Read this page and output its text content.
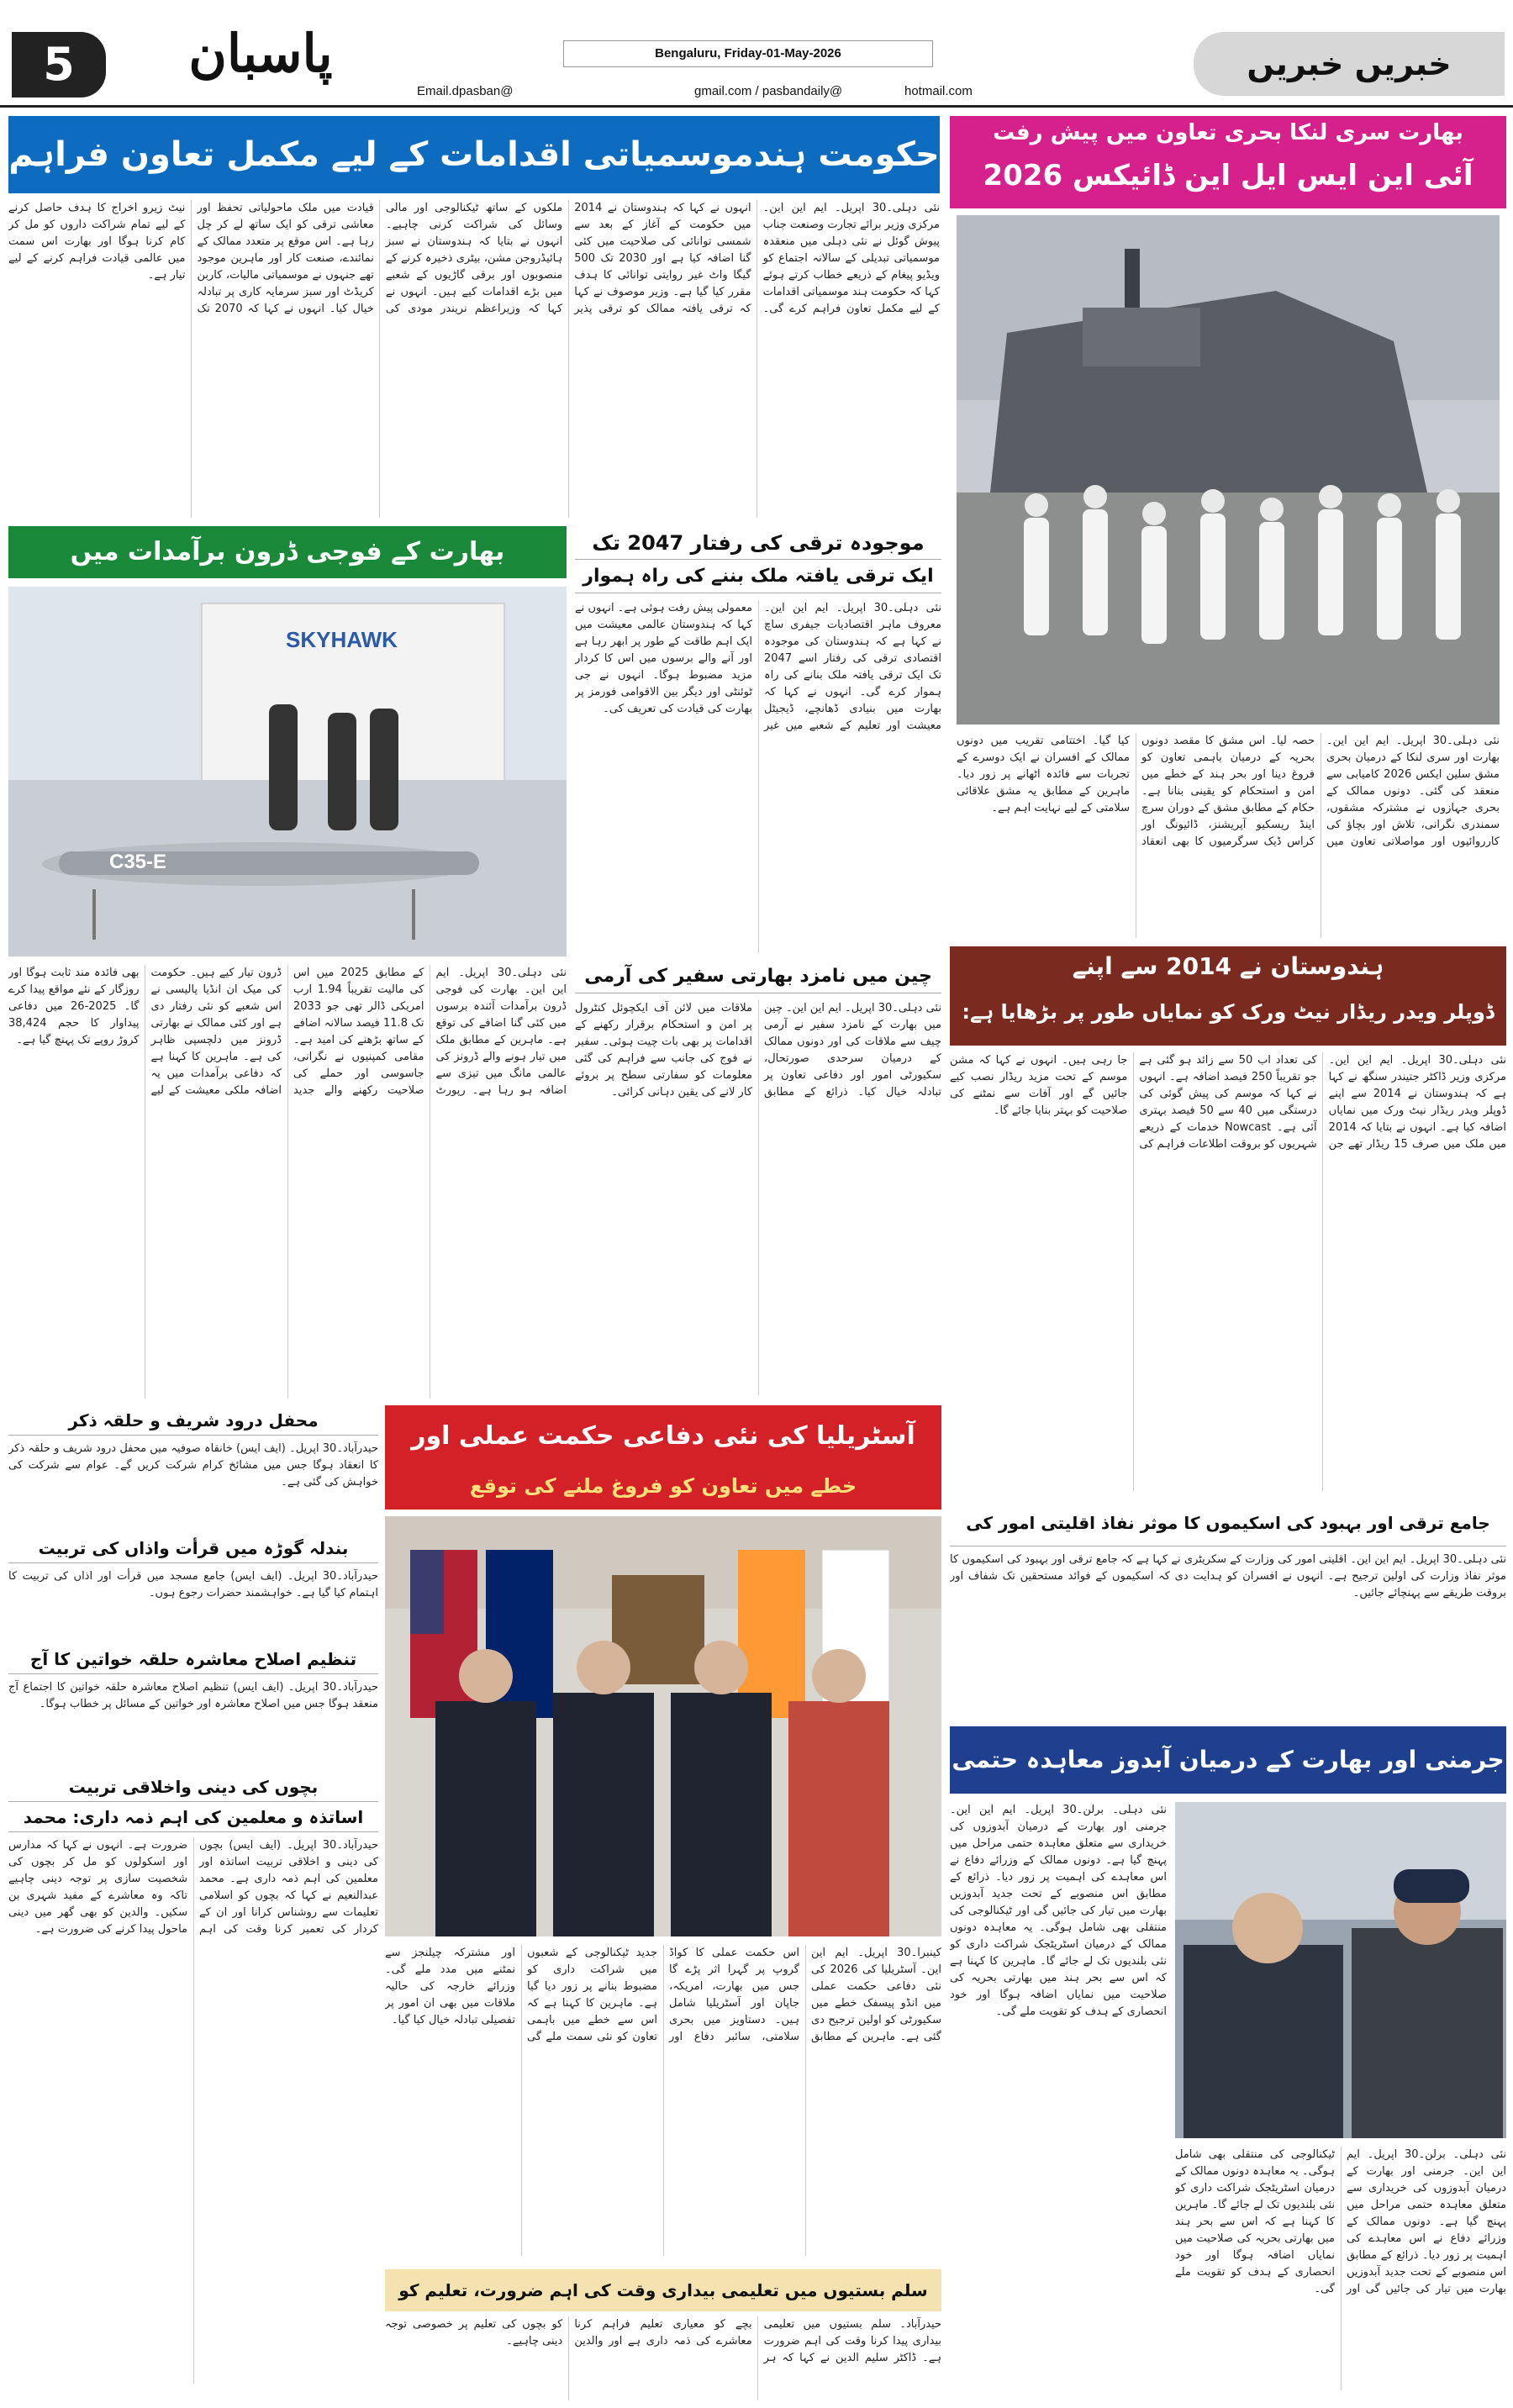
5	پاسبان	Bengaluru, Friday-01-May-2026
Email.dpasban@	gmail.com / pasbandaily@	hotmail.com
خبریں خبریں
حکومت ہندموسمیاتی اقدامات کے لیے مکمل تعاون فراہم
نئی دہلی۔30 اپریل۔ ایم این این۔ مرکزی وزیر برائے تجارت وصنعت جناب پیوش گوئل نے نئی دہلی میں منعقدہ موسمیاتی تبدیلی کے سالانہ اجتماع کو ویڈیو پیغام کے ذریعے خطاب کرتے ہوئے کہا کہ حکومت ہند موسمیاتی اقدامات کے لیے مکمل تعاون فراہم کرے گی۔ انہوں نے کہا کہ ہندوستان نے 2014 میں حکومت کے آغاز کے بعد سے شمسی توانائی کی صلاحیت میں کئی گنا اضافہ کیا ہے اور 2030 تک 500 گیگا واٹ غیر روایتی توانائی کا ہدف مقرر کیا گیا ہے۔ وزیر موصوف نے کہا کہ ترقی یافتہ ممالک کو ترقی پذیر ملکوں کے ساتھ ٹیکنالوجی اور مالی وسائل کی شراکت کرنی چاہیے۔ انہوں نے بتایا کہ ہندوستان نے سبز ہائیڈروجن مشن، بیٹری ذخیرہ کرنے کے منصوبوں اور برقی گاڑیوں کے شعبے میں بڑے اقدامات کیے ہیں۔ انہوں نے کہا کہ وزیراعظم نریندر مودی کی قیادت میں ملک ماحولیاتی تحفظ اور معاشی ترقی کو ایک ساتھ لے کر چل رہا ہے۔ اس موقع پر متعدد ممالک کے نمائندے، صنعت کار اور ماہرین موجود تھے جنہوں نے موسمیاتی مالیات، کاربن کریڈٹ اور سبز سرمایہ کاری پر تبادلہ خیال کیا۔ انہوں نے کہا کہ 2070 تک نیٹ زیرو اخراج کا ہدف حاصل کرنے کے لیے تمام شراکت داروں کو مل کر کام کرنا ہوگا اور بھارت اس سمت میں عالمی قیادت فراہم کرنے کے لیے تیار ہے۔
بھارت سری لنکا بحری تعاون میں پیش رفت
آئی این ایس ایل این ڈائیکس 2026
نئی دہلی۔30 اپریل۔ ایم این این۔ بھارت اور سری لنکا کے درمیان بحری مشق سلین ایکس 2026 کامیابی سے منعقد کی گئی۔ دونوں ممالک کے بحری جہازوں نے مشترکہ مشقوں، سمندری نگرانی، تلاش اور بچاؤ کی کارروائیوں اور مواصلاتی تعاون میں حصہ لیا۔ اس مشق کا مقصد دونوں بحریہ کے درمیان باہمی تعاون کو فروغ دینا اور بحر ہند کے خطے میں امن و استحکام کو یقینی بنانا ہے۔ حکام کے مطابق مشق کے دوران سرچ اینڈ ریسکیو آپریشنز، ڈائیونگ اور کراس ڈیک سرگرمیوں کا بھی انعقاد کیا گیا۔ اختتامی تقریب میں دونوں ممالک کے افسران نے ایک دوسرے کے تجربات سے فائدہ اٹھانے پر زور دیا۔ ماہرین کے مطابق یہ مشق علاقائی سلامتی کے لیے نہایت اہم ہے۔
بھارت کے فوجی ڈرون برآمدات میں
SKYHAWK
C35-E
نئی دہلی۔30 اپریل۔ ایم این این۔ بھارت کی فوجی ڈرون برآمدات آئندہ برسوں میں کئی گنا اضافے کی توقع ہے۔ ماہرین کے مطابق ملک میں تیار ہونے والے ڈرونز کی عالمی مانگ میں تیزی سے اضافہ ہو رہا ہے۔ رپورٹ کے مطابق 2025 میں اس کی مالیت تقریباً 1.94 ارب امریکی ڈالر تھی جو 2033 تک 11.8 فیصد سالانہ اضافے کے ساتھ بڑھنے کی امید ہے۔ مقامی کمپنیوں نے نگرانی، جاسوسی اور حملے کی صلاحیت رکھنے والے جدید ڈرون تیار کیے ہیں۔ حکومت کی میک ان انڈیا پالیسی نے اس شعبے کو نئی رفتار دی ہے اور کئی ممالک نے بھارتی ڈرونز میں دلچسپی ظاہر کی ہے۔ ماہرین کا کہنا ہے کہ دفاعی برآمدات میں یہ اضافہ ملکی معیشت کے لیے بھی فائدہ مند ثابت ہوگا اور روزگار کے نئے مواقع پیدا کرے گا۔ 2025-26 میں دفاعی پیداوار کا حجم 38,424 کروڑ روپے تک پہنچ گیا ہے۔
موجودہ ترقی کی رفتار 2047 تک
ایک ترقی یافتہ ملک بننے کی راہ ہموار
نئی دہلی۔30 اپریل۔ ایم این این۔ معروف ماہر اقتصادیات جیفری ساچ نے کہا ہے کہ ہندوستان کی موجودہ اقتصادی ترقی کی رفتار اسے 2047 تک ایک ترقی یافتہ ملک بنانے کی راہ ہموار کرے گی۔ انہوں نے کہا کہ بھارت میں بنیادی ڈھانچے، ڈیجیٹل معیشت اور تعلیم کے شعبے میں غیر معمولی پیش رفت ہوئی ہے۔ انہوں نے کہا کہ ہندوستان عالمی معیشت میں ایک اہم طاقت کے طور پر ابھر رہا ہے اور آنے والے برسوں میں اس کا کردار مزید مضبوط ہوگا۔ انہوں نے جی ٹوئنٹی اور دیگر بین الاقوامی فورمز پر بھارت کی قیادت کی تعریف کی۔
چین میں نامزد بھارتی سفیر کی آرمی
نئی دہلی۔30 اپریل۔ ایم این این۔ چین میں بھارت کے نامزد سفیر نے آرمی چیف سے ملاقات کی اور دونوں ممالک کے درمیان سرحدی صورتحال، سکیورٹی امور اور دفاعی تعاون پر تبادلہ خیال کیا۔ ذرائع کے مطابق ملاقات میں لائن آف ایکچوئل کنٹرول پر امن و استحکام برقرار رکھنے کے اقدامات پر بھی بات چیت ہوئی۔ سفیر نے فوج کی جانب سے فراہم کی گئی معلومات کو سفارتی سطح پر بروئے کار لانے کی یقین دہانی کرائی۔
ہندوستان نے 2014 سے اپنے
ڈوپلر ویدر ریڈار نیٹ ورک کو نمایاں طور پر بڑھایا ہے:
نئی دہلی۔30 اپریل۔ ایم این این۔ مرکزی وزیر ڈاکٹر جتیندر سنگھ نے کہا ہے کہ ہندوستان نے 2014 سے اپنے ڈوپلر ویدر ریڈار نیٹ ورک میں نمایاں اضافہ کیا ہے۔ انہوں نے بتایا کہ 2014 میں ملک میں صرف 15 ریڈار تھے جن کی تعداد اب 50 سے زائد ہو گئی ہے جو تقریباً 250 فیصد اضافہ ہے۔ انہوں نے کہا کہ موسم کی پیش گوئی کی درستگی میں 40 سے 50 فیصد بہتری آئی ہے۔ Nowcast خدمات کے ذریعے شہریوں کو بروقت اطلاعات فراہم کی جا رہی ہیں۔ انہوں نے کہا کہ مشن موسم کے تحت مزید ریڈار نصب کیے جائیں گے اور آفات سے نمٹنے کی صلاحیت کو بہتر بنایا جائے گا۔
جامع ترقی اور بہبود کی اسکیموں کا موثر نفاذ اقلیتی امور کی
نئی دہلی۔30 اپریل۔ ایم این این۔ اقلیتی امور کی وزارت کے سکریٹری نے کہا ہے کہ جامع ترقی اور بہبود کی اسکیموں کا موثر نفاذ وزارت کی اولین ترجیح ہے۔ انہوں نے افسران کو ہدایت دی کہ اسکیموں کے فوائد مستحقین تک شفاف اور بروقت طریقے سے پہنچائے جائیں۔
جرمنی اور بھارت کے درمیان آبدوز معاہدہ حتمی
نئی دہلی۔ برلن۔30 اپریل۔ ایم این این۔ جرمنی اور بھارت کے درمیان آبدوزوں کی خریداری سے متعلق معاہدہ حتمی مراحل میں پہنچ گیا ہے۔ دونوں ممالک کے وزرائے دفاع نے اس معاہدے کی اہمیت پر زور دیا۔ ذرائع کے مطابق اس منصوبے کے تحت جدید آبدوزیں بھارت میں تیار کی جائیں گی اور ٹیکنالوجی کی منتقلی بھی شامل ہوگی۔ یہ معاہدہ دونوں ممالک کے درمیان اسٹریٹجک شراکت داری کو نئی بلندیوں تک لے جائے گا۔ ماہرین کا کہنا ہے کہ اس سے بحر ہند میں بھارتی بحریہ کی صلاحیت میں نمایاں اضافہ ہوگا اور خود انحصاری کے ہدف کو تقویت ملے گی۔
نئی دہلی۔ برلن۔30 اپریل۔ ایم این این۔ جرمنی اور بھارت کے درمیان آبدوزوں کی خریداری سے متعلق معاہدہ حتمی مراحل میں پہنچ گیا ہے۔ دونوں ممالک کے وزرائے دفاع نے اس معاہدے کی اہمیت پر زور دیا۔ ذرائع کے مطابق اس منصوبے کے تحت جدید آبدوزیں بھارت میں تیار کی جائیں گی اور ٹیکنالوجی کی منتقلی بھی شامل ہوگی۔ یہ معاہدہ دونوں ممالک کے درمیان اسٹریٹجک شراکت داری کو نئی بلندیوں تک لے جائے گا۔ ماہرین کا کہنا ہے کہ اس سے بحر ہند میں بھارتی بحریہ کی صلاحیت میں نمایاں اضافہ ہوگا اور خود انحصاری کے ہدف کو تقویت ملے گی۔
آسٹریلیا کی نئی دفاعی حکمت عملی اور
خطے میں تعاون کو فروغ ملنے کی توقع
کینبرا۔30 اپریل۔ ایم این این۔ آسٹریلیا کی 2026 کی نئی دفاعی حکمت عملی میں انڈو پیسفک خطے میں سکیورٹی کو اولین ترجیح دی گئی ہے۔ ماہرین کے مطابق اس حکمت عملی کا کواڈ گروپ پر گہرا اثر پڑے گا جس میں بھارت، امریکہ، جاپان اور آسٹریلیا شامل ہیں۔ دستاویز میں بحری سلامتی، سائبر دفاع اور جدید ٹیکنالوجی کے شعبوں میں شراکت داری کو مضبوط بنانے پر زور دیا گیا ہے۔ ماہرین کا کہنا ہے کہ اس سے خطے میں باہمی تعاون کو نئی سمت ملے گی اور مشترکہ چیلنجز سے نمٹنے میں مدد ملے گی۔ وزرائے خارجہ کی حالیہ ملاقات میں بھی ان امور پر تفصیلی تبادلہ خیال کیا گیا۔
سلم بستیوں میں تعلیمی بیداری وقت کی اہم ضرورت، تعلیم کو
حیدرآباد۔ سلم بستیوں میں تعلیمی بیداری پیدا کرنا وقت کی اہم ضرورت ہے۔ ڈاکٹر سلیم الدین نے کہا کہ ہر بچے کو معیاری تعلیم فراہم کرنا معاشرے کی ذمہ داری ہے اور والدین کو بچوں کی تعلیم پر خصوصی توجہ دینی چاہیے۔
محفل درود شریف و حلقہ ذکر
حیدرآباد۔30 اپریل۔ (ایف ایس) خانقاہ صوفیہ میں محفل درود شریف و حلقہ ذکر کا انعقاد ہوگا جس میں مشائخ کرام شرکت کریں گے۔ عوام سے شرکت کی خواہش کی گئی ہے۔
بندلہ گوڑہ میں قرأت واذاں کی تربیت
حیدرآباد۔30 اپریل۔ (ایف ایس) جامع مسجد میں قرأت اور اذاں کی تربیت کا اہتمام کیا گیا ہے۔ خواہشمند حضرات رجوع ہوں۔
تنظیم اصلاح معاشرہ حلقہ خواتین کا آج
حیدرآباد۔30 اپریل۔ (ایف ایس) تنظیم اصلاح معاشرہ حلقہ خواتین کا اجتماع آج منعقد ہوگا جس میں اصلاح معاشرہ اور خواتین کے مسائل پر خطاب ہوگا۔
بچوں کی دینی واخلاقی تربیت
اساتذہ و معلمین کی اہم ذمہ داری: محمد
حیدرآباد۔30 اپریل۔ (ایف ایس) بچوں کی دینی و اخلاقی تربیت اساتذہ اور معلمین کی اہم ذمہ داری ہے۔ محمد عبدالنعیم نے کہا کہ بچوں کو اسلامی تعلیمات سے روشناس کرانا اور ان کے کردار کی تعمیر کرنا وقت کی اہم ضرورت ہے۔ انہوں نے کہا کہ مدارس اور اسکولوں کو مل کر بچوں کی شخصیت سازی پر توجہ دینی چاہیے تاکہ وہ معاشرے کے مفید شہری بن سکیں۔ والدین کو بھی گھر میں دینی ماحول پیدا کرنے کی ضرورت ہے۔
